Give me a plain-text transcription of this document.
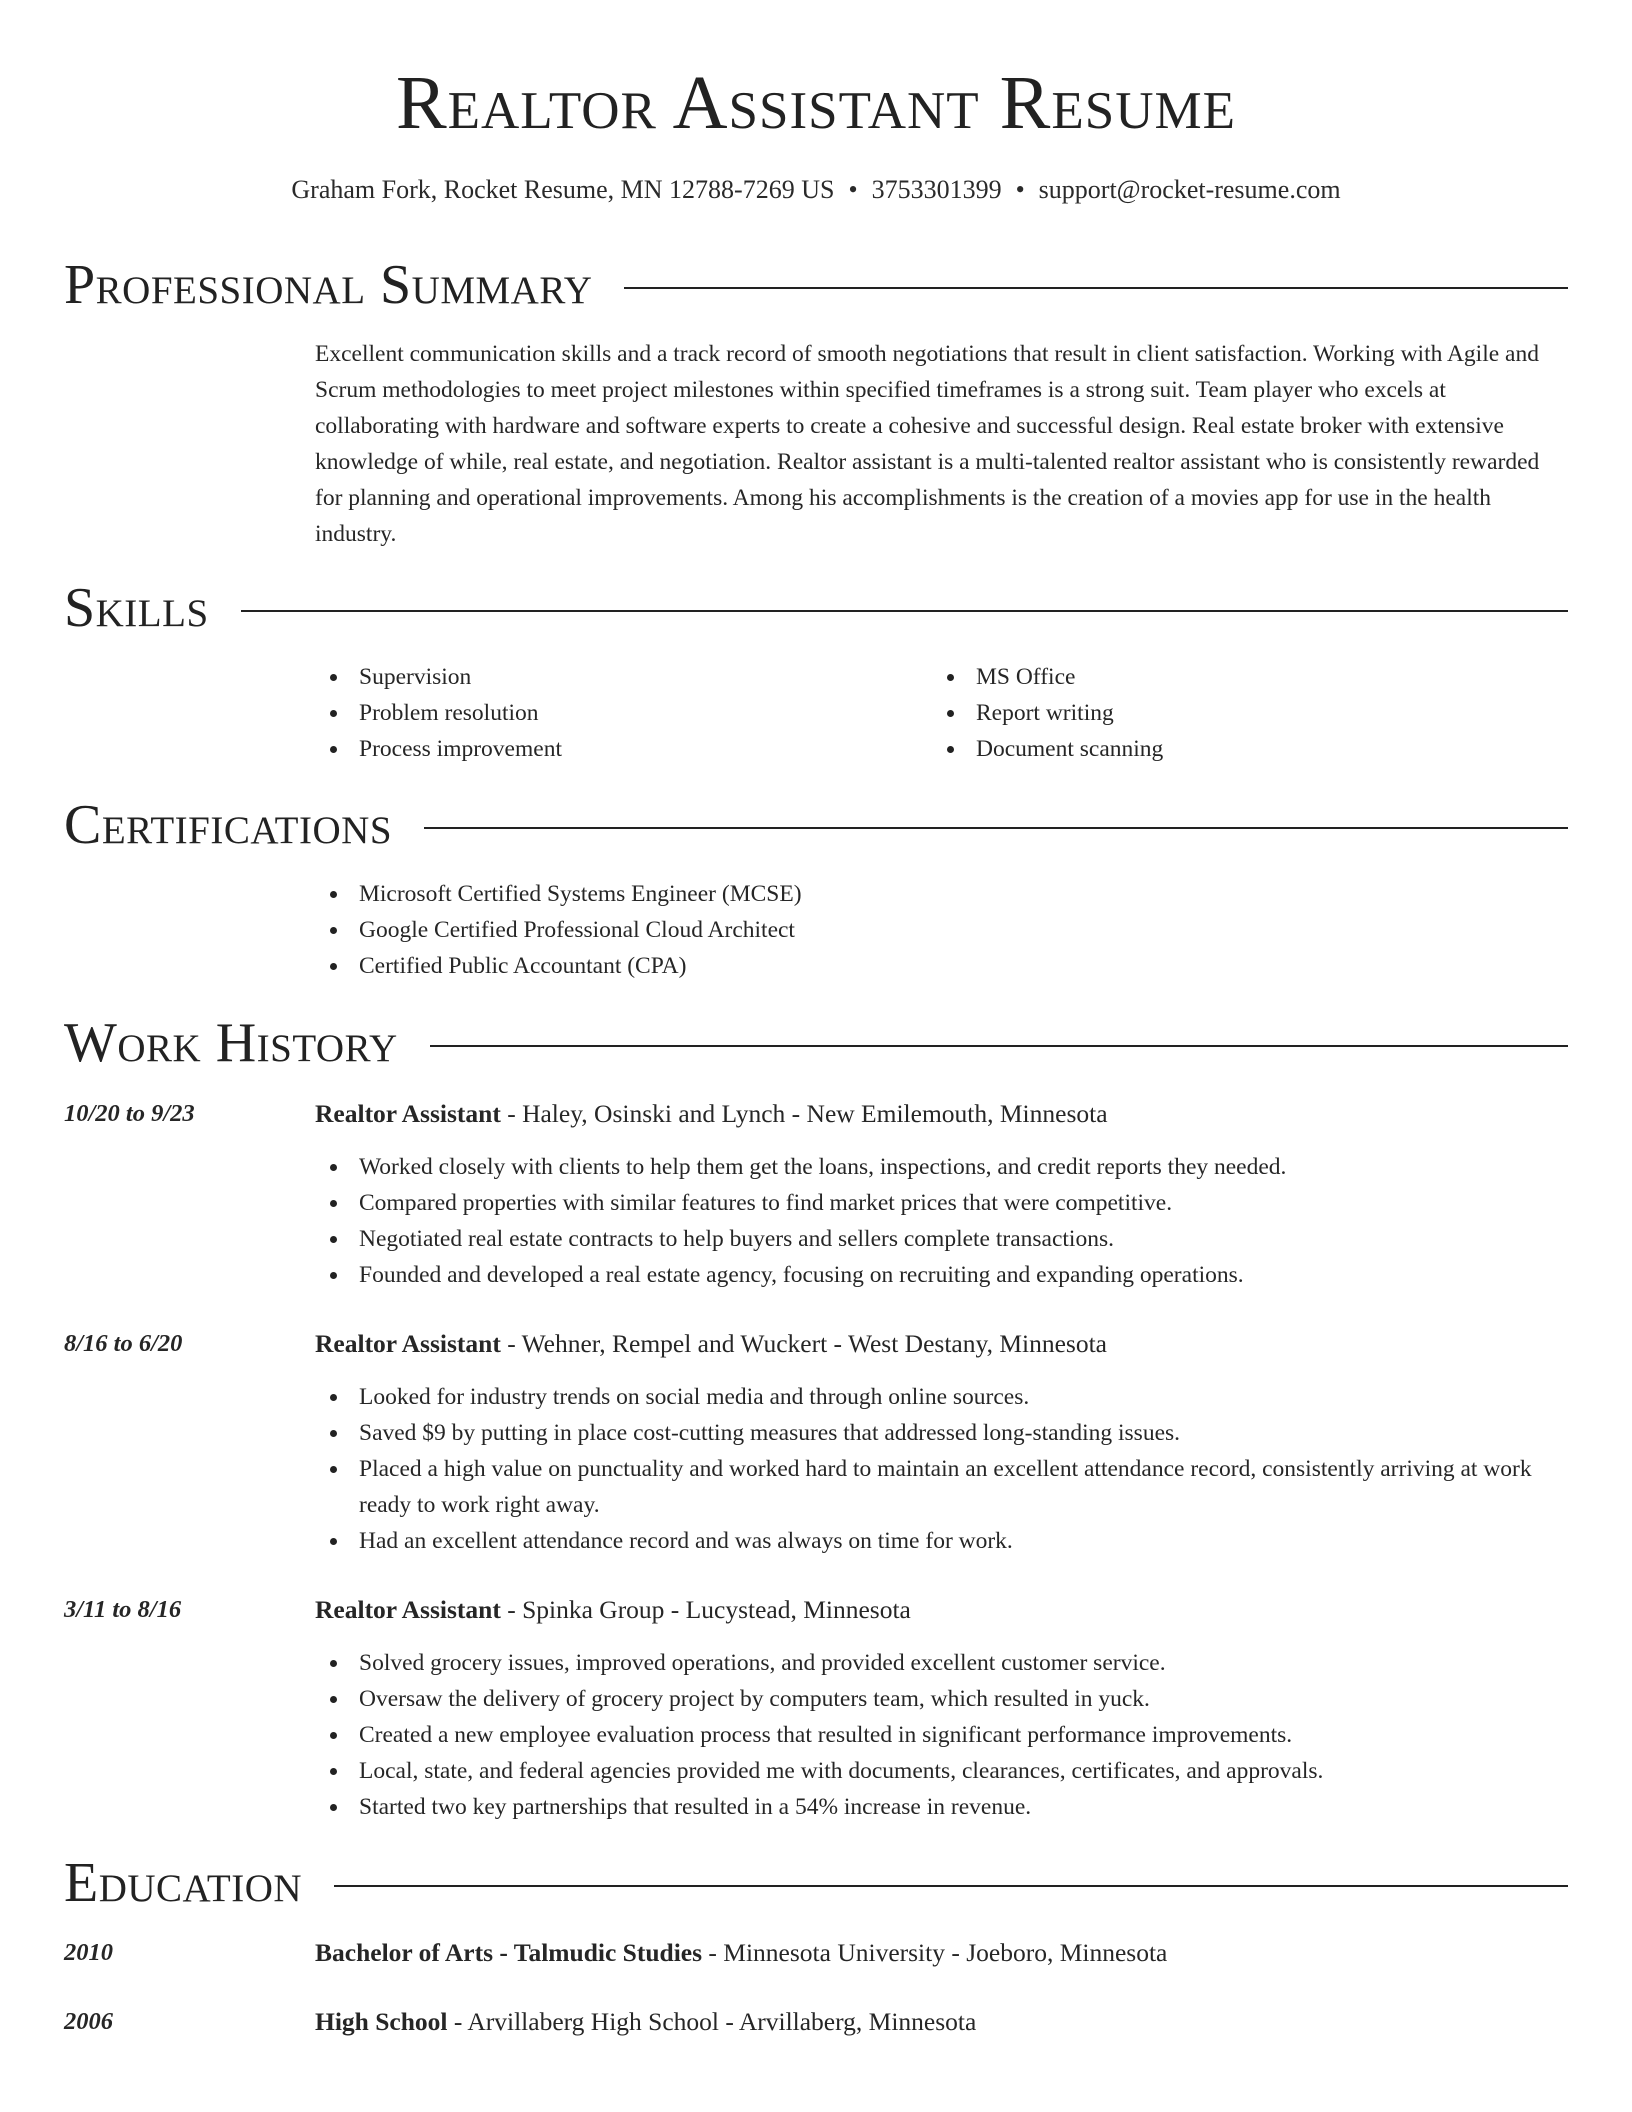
Realtor Assistant Resume
Graham Fork, Rocket Resume, MN 12788-7269 US • 3753301399 • support@rocket-resume.com
Professional Summary

Excellent communication skills and a track record of smooth negotiations that result in client satisfaction. Working with Agile and Scrum methodologies to meet project milestones within specified timeframes is a strong suit. Team player who excels at collaborating with hardware and software experts to create a cohesive and successful design. Real estate broker with extensive knowledge of while, real estate, and negotiation. Realtor assistant is a multi-talented realtor assistant who is consistently rewarded for planning and operational improvements. Among his accomplishments is the creation of a movies app for use in the health industry.

Skills
Supervision
Problem resolution
Process improvement
MS Office
Report writing
Document scanning
Certifications
Microsoft Certified Systems Engineer (MCSE)
Google Certified Professional Cloud Architect
Certified Public Accountant (CPA)
Work History
10/20 to 9/23	Realtor Assistant - Haley, Osinski and Lynch - New Emilemouth, Minnesota
Worked closely with clients to help them get the loans, inspections, and credit reports they needed.
Compared properties with similar features to find market prices that were competitive.
Negotiated real estate contracts to help buyers and sellers complete transactions.
Founded and developed a real estate agency, focusing on recruiting and expanding operations.
8/16 to 6/20	Realtor Assistant - Wehner, Rempel and Wuckert - West Destany, Minnesota
Looked for industry trends on social media and through online sources.
Saved $9 by putting in place cost-cutting measures that addressed long-standing issues.
Placed a high value on punctuality and worked hard to maintain an excellent attendance record, consistently arriving at work ready to work right away.
Had an excellent attendance record and was always on time for work.
3/11 to 8/16	Realtor Assistant - Spinka Group - Lucystead, Minnesota
Solved grocery issues, improved operations, and provided excellent customer service.
Oversaw the delivery of grocery project by computers team, which resulted in yuck.
Created a new employee evaluation process that resulted in significant performance improvements.
Local, state, and federal agencies provided me with documents, clearances, certificates, and approvals.
Started two key partnerships that resulted in a 54% increase in revenue.
Education
2010	Bachelor of Arts - Talmudic Studies - Minnesota University - Joeboro, Minnesota
2006	High School - Arvillaberg High School - Arvillaberg, Minnesota
